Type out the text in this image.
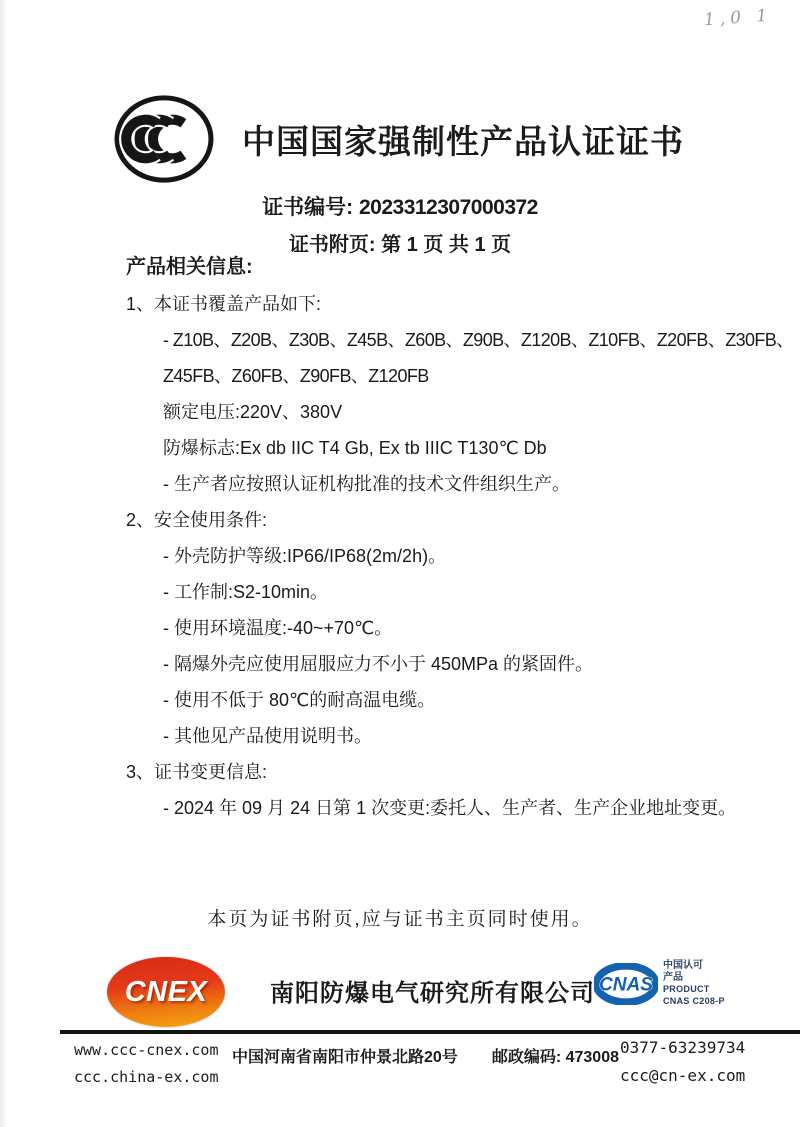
1,0 1
中国国家强制性产品认证证书
证书编号: 2023312307000372
证书附页: 第 1 页 共 1 页
产品相关信息:
1、本证书覆盖产品如下:
- Z10B、Z20B、Z30B、Z45B、Z60B、Z90B、Z120B、Z10FB、Z20FB、Z30FB、
Z45FB、Z60FB、Z90FB、Z120FB
额定电压:220V、380V
防爆标志:Ex db IIC T4 Gb, Ex tb IIIC T130℃ Db
- 生产者应按照认证机构批准的技术文件组织生产。
2、安全使用条件:
- 外壳防护等级:IP66/IP68(2m/2h)。
- 工作制:S2-10min。
- 使用环境温度:-40~+70℃。
- 隔爆外壳应使用屈服应力不小于 450MPa 的紧固件。
- 使用不低于 80℃的耐高温电缆。
- 其他见产品使用说明书。
3、证书变更信息:
- 2024 年 09 月 24 日第 1 次变更:委托人、生产者、生产企业地址变更。
本页为证书附页,应与证书主页同时使用。
CNEX	南阳防爆电气研究所有限公司 CNAS
中国认可
产品
PRODUCT
CNAS C208-P
www.ccc-cnex.com
ccc.china-ex.com
中国河南省南阳市仲景北路20号 邮政编码: 473008
0377-63239734
ccc@cn-ex.com
